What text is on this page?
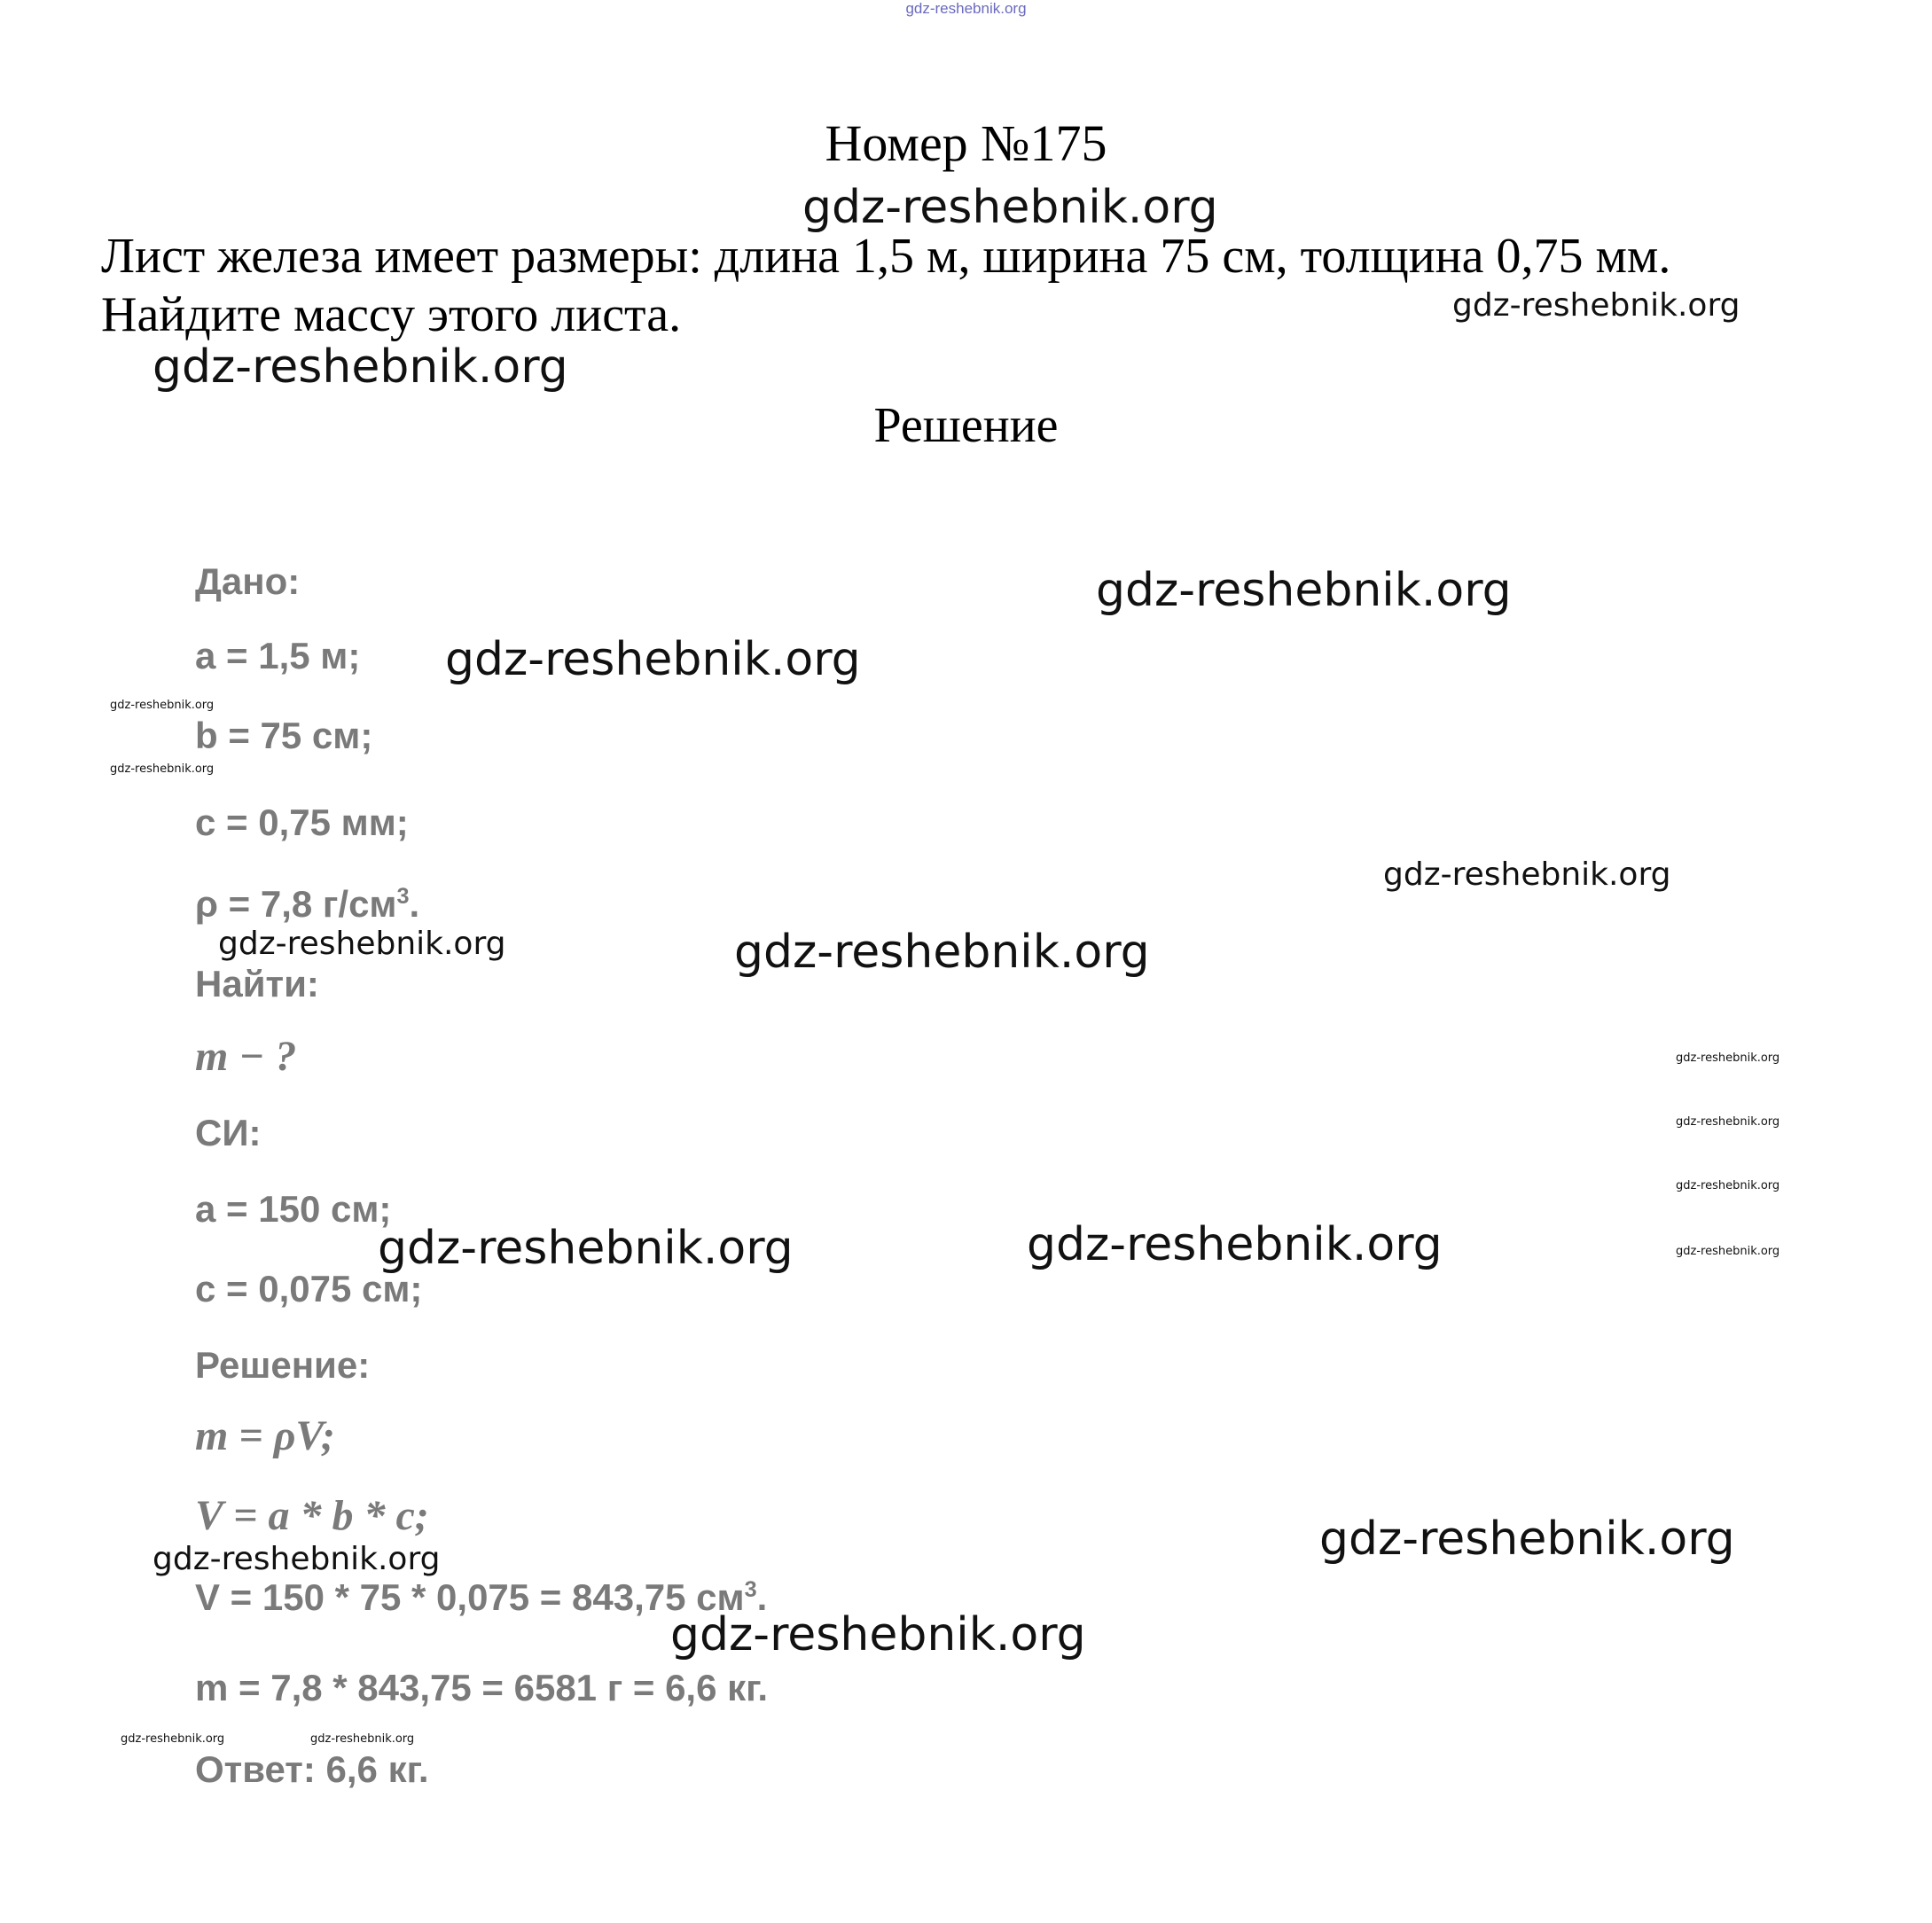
gdz-reshebnik.org
Номер №175
gdz-reshebnik.org
Лист железа имеет размеры: длина 1,5 м, ширина 75 см, толщина 0,75 мм.
Найдите массу этого листа.	gdz-reshebnik.org
gdz-reshebnik.org
Решение
Дано:
a = 1,5 м;
b = 75 см;
c = 0,75 мм;
ρ = 7,8 $г/см^3$.
Найти:
m − ?
СИ:
a = 150 см;
c = 0,075 см;
Решение:
m = ρV;
V = a * b * c;
V = 150 * 75 * 0,075 = 843,75 $см^3$.
m = 7,8 * 843,75 = 6581 г = 6,6 кг.
Ответ: 6,6 кг.
gdz-reshebnik.org
gdz-reshebnik.org
gdz-reshebnik.org
gdz-reshebnik.org
gdz-reshebnik.org
gdz-reshebnik.org	gdz-reshebnik.org
gdz-reshebnik.org
gdz-reshebnik.org
gdz-reshebnik.org
gdz-reshebnik.org
gdz-reshebnik.org	gdz-reshebnik.org
gdz-reshebnik.org
gdz-reshebnik.org
gdz-reshebnik.org
gdz-reshebnik.org	gdz-reshebnik.org
